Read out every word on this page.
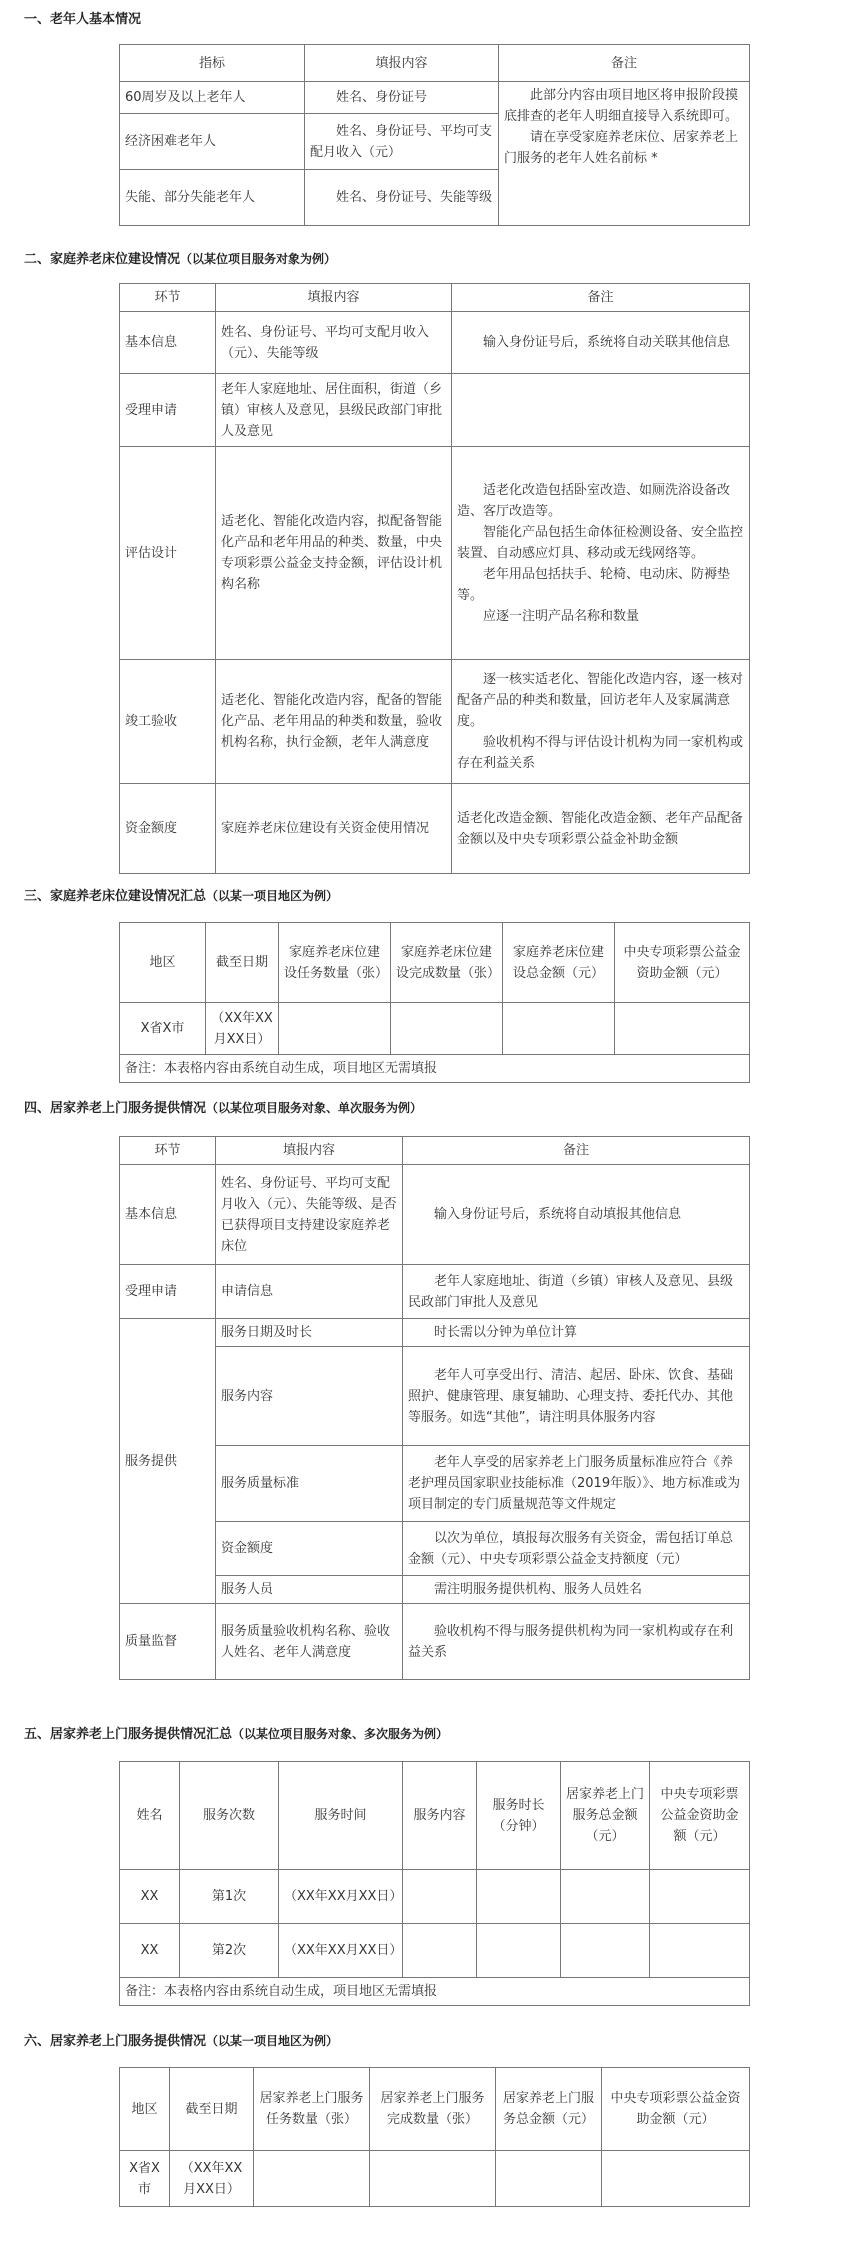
一、老年人基本情况
指标	填报内容	备注
60周岁及以上老年人	姓名、身份证号	此部分内容由项目地区将申报阶段摸底排查的老年人明细直接导入系统即可。

请在享受家庭养老床位、居家养老上门服务的老年人姓名前标 *

经济困难老年人	姓名、身份证号、平均可支配月收入（元）	
失能、部分失能老年人	姓名、身份证号、失能等级	
二、家庭养老床位建设情况（以某位项目服务对象为例）
环节	填报内容	备注
基本信息	姓名、身份证号、平均可支配月收入（元）、失能等级	输入身份证号后，系统将自动关联其他信息

受理申请	老年人家庭地址、居住面积，街道（乡镇）审核人及意见，县级民政部门审批人及意见	
评估设计	适老化、智能化改造内容，拟配备智能化产品和老年用品的种类、数量，中央专项彩票公益金支持金额，评估设计机构名称	适老化改造包括卧室改造、如厕洗浴设备改造、客厅改造等。

智能化产品包括生命体征检测设备、安全监控装置、自动感应灯具、移动或无线网络等。

老年用品包括扶手、轮椅、电动床、防褥垫等。

应逐一注明产品名称和数量

竣工验收	适老化、智能化改造内容，配备的智能化产品、老年用品的种类和数量，验收机构名称，执行金额，老年人满意度	逐一核实适老化、智能化改造内容，逐一核对配备产品的种类和数量，回访老年人及家属满意度。

验收机构不得与评估设计机构为同一家机构或存在利益关系

资金额度	家庭养老床位建设有关资金使用情况	适老化改造金额、智能化改造金额、老年产品配备金额以及中央专项彩票公益金补助金额

三、家庭养老床位建设情况汇总（以某一项目地区为例）
地区	截至日期	家庭养老床位建设任务数量（张）	家庭养老床位建设完成数量（张）	家庭养老床位建设总金额（元）	中央专项彩票公益金资助金额（元）
X省X市	（XX年XX月XX日）				
备注：本表格内容由系统自动生成，项目地区无需填报					
四、居家养老上门服务提供情况（以某位项目服务对象、单次服务为例）
环节	填报内容	备注
基本信息	姓名、身份证号、平均可支配月收入（元）、失能等级、是否已获得项目支持建设家庭养老床位	输入身份证号后，系统将自动填报其他信息
受理申请	申请信息	老年人家庭地址、街道（乡镇）审核人及意见、县级民政部门审批人及意见
服务提供	服务日期及时长	时长需以分钟为单位计算
	服务内容	老年人可享受出行、清洁、起居、卧床、饮食、基础照护、健康管理、康复辅助、心理支持、委托代办、其他等服务。如选“其他”，请注明具体服务内容
	服务质量标准	老年人享受的居家养老上门服务质量标准应符合《养老护理员国家职业技能标准（2019年版）》、地方标准或为项目制定的专门质量规范等文件规定
	资金额度	以次为单位，填报每次服务有关资金，需包括订单总金额（元）、中央专项彩票公益金支持额度（元）
	服务人员	需注明服务提供机构、服务人员姓名
质量监督	服务质量验收机构名称、验收人姓名、老年人满意度	验收机构不得与服务提供机构为同一家机构或存在利益关系
五、居家养老上门服务提供情况汇总（以某位项目服务对象、多次服务为例）
姓名	服务次数	服务时间	服务内容	服务时长（分钟）	居家养老上门服务总金额（元）	中央专项彩票公益金资助金额（元）
XX	第1次	（XX年XX月XX日）				
XX	第2次	（XX年XX月XX日）				
备注：本表格内容由系统自动生成，项目地区无需填报						
六、居家养老上门服务提供情况（以某一项目地区为例）
地区	截至日期	居家养老上门服务任务数量（张）	居家养老上门服务完成数量（张）	居家养老上门服务总金额（元）	中央专项彩票公益金资助金额（元）
X省X市	（XX年XX月XX日）				
